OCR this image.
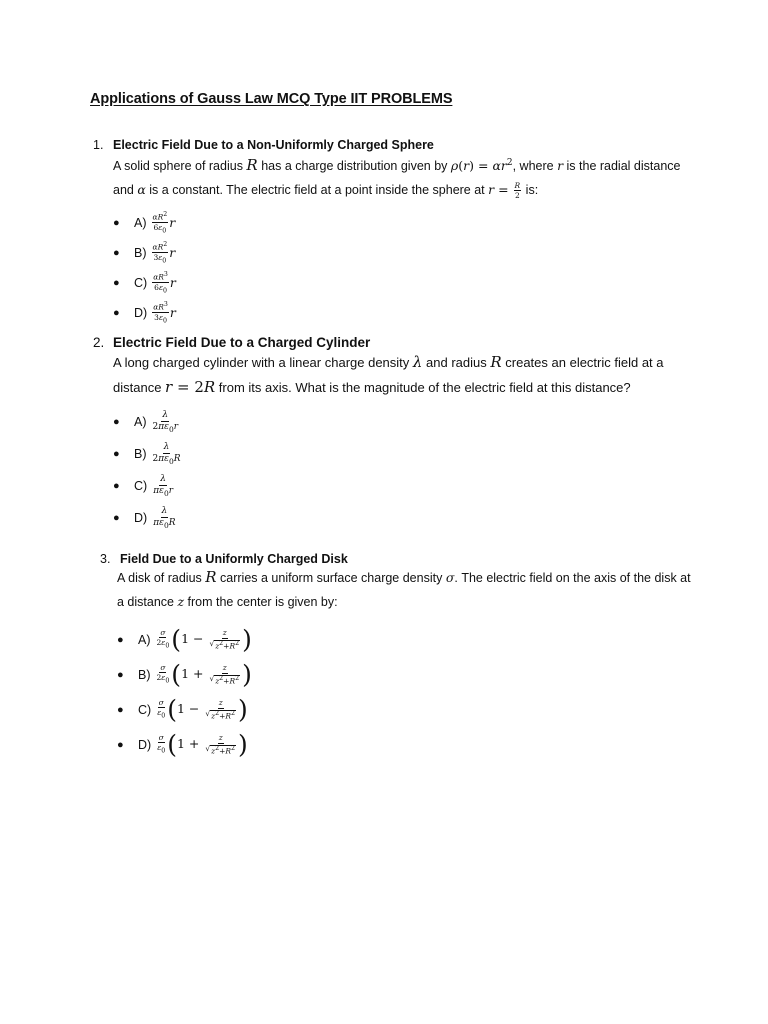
Applications of Gauss Law MCQ Type IIT PROBLEMS
1. Electric Field Due to a Non-Uniformly Charged Sphere

A solid sphere of radius R has a charge distribution given by $\rho(r) = \alpha r^2$, where r is the radial distance

and α is a constant. The electric field at a point inside the sphere at $r = \frac{R}{2}$ is:

●	$A) \frac{\alpha R^2}{6\varepsilon_0}$ r
●	$B) \frac{\alpha R^2}{3\varepsilon_0}$ r
●	$C) \frac{\alpha R^3}{6\varepsilon_0}$ r
●	$D) \frac{\alpha R^3}{3\varepsilon_0}$ r
2. Electric Field Due to a Charged Cylinder

A long charged cylinder with a linear charge density λ and radius R creates an electric field at a

distance r = 2R from its axis. What is the magnitude of the electric field at this distance?

●	$A) \frac{\lambda}{2\pi\varepsilon_0r}$
●	$B) \frac{\lambda}{2\pi\varepsilon_0R}$
●	$C) \frac{\lambda}{\pi\varepsilon_0r}$
●	$D) \frac{\lambda}{\pi\varepsilon_0R}$
3. Field Due to a Uniformly Charged Disk

A disk of radius R carries a uniform surface charge density σ. The electric field on the axis of the disk at

a distance z from the center is given by:

●	$A) \frac{\sigma}{2\varepsilon_0} (1 - \frac{z}{√ z^2+R^2}$ )
●	$B) \frac{\sigma}{2\varepsilon_0} (1 + \frac{z}{√ z^2+R^2}$ )
●	$C) \frac{\sigma}{\varepsilon_0} (1 - \frac{z}{√ z^2+R^2}$ )
●	$D) \frac{\sigma}{\varepsilon_0} (1 + \frac{z}{√ z^2+R^2}$ )
